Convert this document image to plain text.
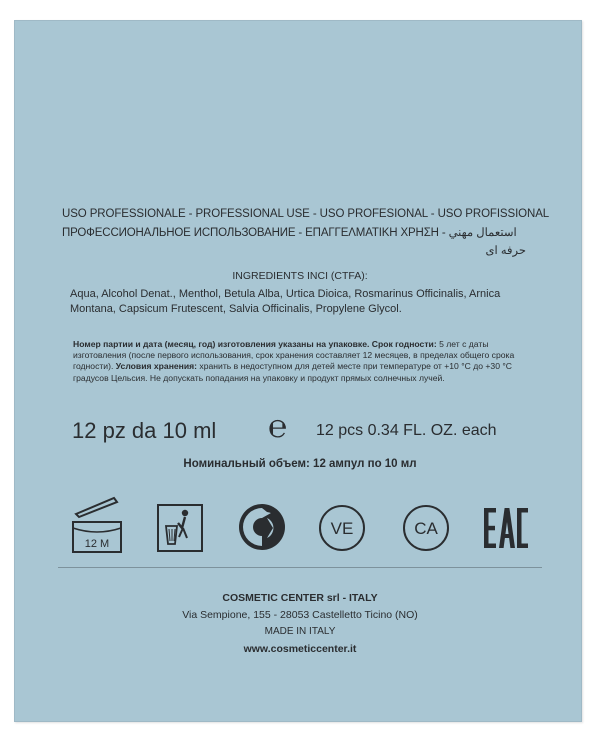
USO PROFESSIONALE - PROFESSIONAL USE - USO PROFESIONAL - USO PROFISSIONAL
ПРОФЕССИОНАЛЬНОЕ ИСПОЛЬЗОВАНИЕ - ΕΠΑΓΓΕΛΜΑΤΙΚΗ ΧΡΗΣΗ - استعمال مهني
حرفه ای
INGREDIENTS INCI (CTFA):
Aqua, Alcohol Denat., Menthol, Betula Alba, Urtica Dioica, Rosmarinus Officinalis, Arnica Montana, Capsicum Frutescent, Salvia Officinalis, Propylene Glycol.
Номер партии и дата (месяц, год) изготовления указаны на упаковке. Срок годности: 5 лет с даты изготовления (после первого использования, срок хранения составляет 12 месяцев, в пределах общего срока годности). Условия хранения: хранить в недоступном для детей месте при температуре от +10 °С до +30 °С градусов Цельсия. Не допускать попадания на упаковку и продукт прямых солнечных лучей.
12 pz da 10 ml ℮ 12 pcs 0.34 FL. OZ. each
Номинальный объем: 12 ампул по 10 мл
12 M
VE	CA
COSMETIC CENTER srl - ITALY
Via Sempione, 155 - 28053 Castelletto Ticino (NO)
MADE IN ITALY
www.cosmeticcenter.it
